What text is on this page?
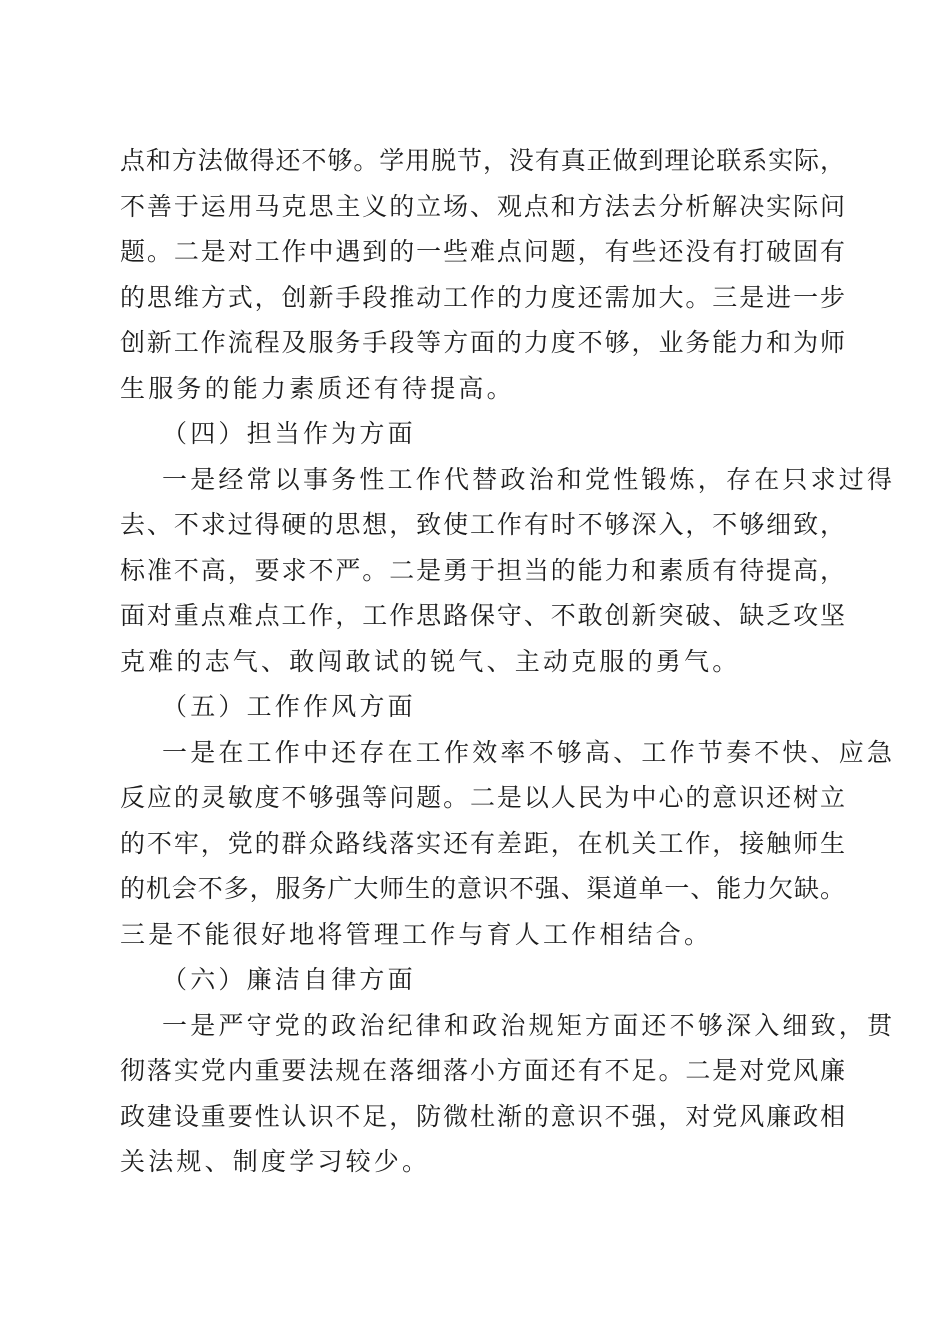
点和方法做得还不够。学用脱节，没有真正做到理论联系实际，
不善于运用马克思主义的立场、观点和方法去分析解决实际问
题。二是对工作中遇到的一些难点问题，有些还没有打破固有
的思维方式，创新手段推动工作的力度还需加大。三是进一步
创新工作流程及服务手段等方面的力度不够，业务能力和为师
生服务的能力素质还有待提高。
（四）担当作为方面
一是经常以事务性工作代替政治和党性锻炼，存在只求过得
去、不求过得硬的思想，致使工作有时不够深入，不够细致，
标准不高，要求不严。二是勇于担当的能力和素质有待提高，
面对重点难点工作，工作思路保守、不敢创新突破、缺乏攻坚
克难的志气、敢闯敢试的锐气、主动克服的勇气。
（五）工作作风方面
一是在工作中还存在工作效率不够高、工作节奏不快、应急
反应的灵敏度不够强等问题。二是以人民为中心的意识还树立
的不牢，党的群众路线落实还有差距，在机关工作，接触师生
的机会不多，服务广大师生的意识不强、渠道单一、能力欠缺。
三是不能很好地将管理工作与育人工作相结合。
（六）廉洁自律方面
一是严守党的政治纪律和政治规矩方面还不够深入细致，贯
彻落实党内重要法规在落细落小方面还有不足。二是对党风廉
政建设重要性认识不足，防微杜渐的意识不强，对党风廉政相
关法规、制度学习较少。
